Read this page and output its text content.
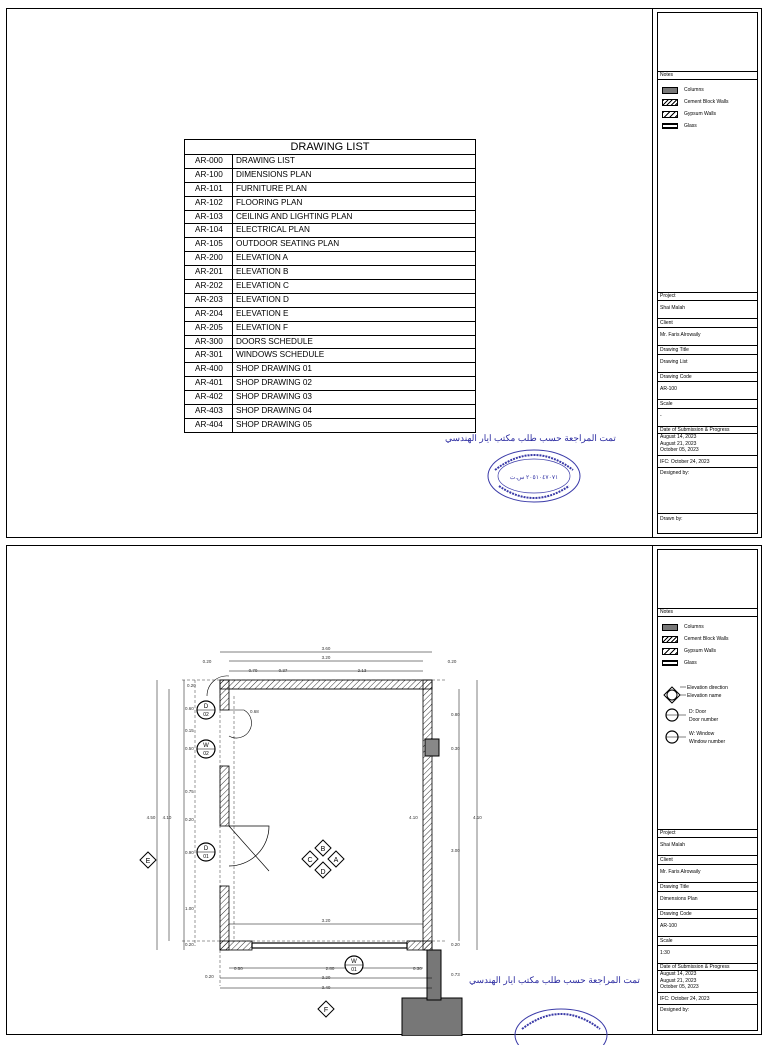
DRAWING LIST
AR-000	DRAWING LIST
AR-100	DIMENSIONS PLAN
AR-101	FURNITURE PLAN
AR-102	FLOORING PLAN
AR-103	CEILING AND LIGHTING PLAN
AR-104	ELECTRICAL PLAN
AR-105	OUTDOOR SEATING PLAN
AR-200	ELEVATION A
AR-201	ELEVATION B
AR-202	ELEVATION C
AR-203	ELEVATION D
AR-204	ELEVATION E
AR-205	ELEVATION F
AR-300	DOORS SCHEDULE
AR-301	WINDOWS SCHEDULE
AR-400	SHOP DRAWING 01
AR-401	SHOP DRAWING 02
AR-402	SHOP DRAWING 03
AR-403	SHOP DRAWING 04
AR-404	SHOP DRAWING 05
تمت المراجعة حسب طلب مكتب ايار الهندسي
٢٠٥١٠٤٧٠٧١ س.ت
Notes
Columns
Cement Block Walls
Gypsum Walls
Glass
Project
Shai Malah
Client
Mr. Faris Alrowaily
Drawing Title
Drawing List
Drawing Code
AR-100
Scale
-
Date of Submission & Progress
August 14, 2023
August 21, 2023
October 05, 2023
IFC: October 24, 2023
Designed by:
Drawn by:
3.60
3.20
0.20	0.20
0.70	0.37	2.13
4.50 4.10
0.20
0.60
0.15
0.50
0.75
0.20
0.90
1.00
0.20
0.80
0.30
4.10
3.00
0.20
0.73
4.10
3.20
0.68
0.20
0.50	2.80
3.20
3.40
0.30
D
02
W
02
D
01
W
01
B
C	A
D
E
F
تمت المراجعة حسب طلب مكتب ايار الهندسي
Notes
Columns
Cement Block Walls
Gypsum Walls
Glass
Elevation direction
Elevation name
D: Door
Door number
W: Window
Window number
Project
Shai Malah
Client
Mr. Faris Alrowaily
Drawing Title
Dimensions Plan
Drawing Code
AR-100
Scale
1:30
Date of Submission & Progress
August 14, 2023
August 21, 2023
October 05, 2023
IFC: October 24, 2023
Designed by:
